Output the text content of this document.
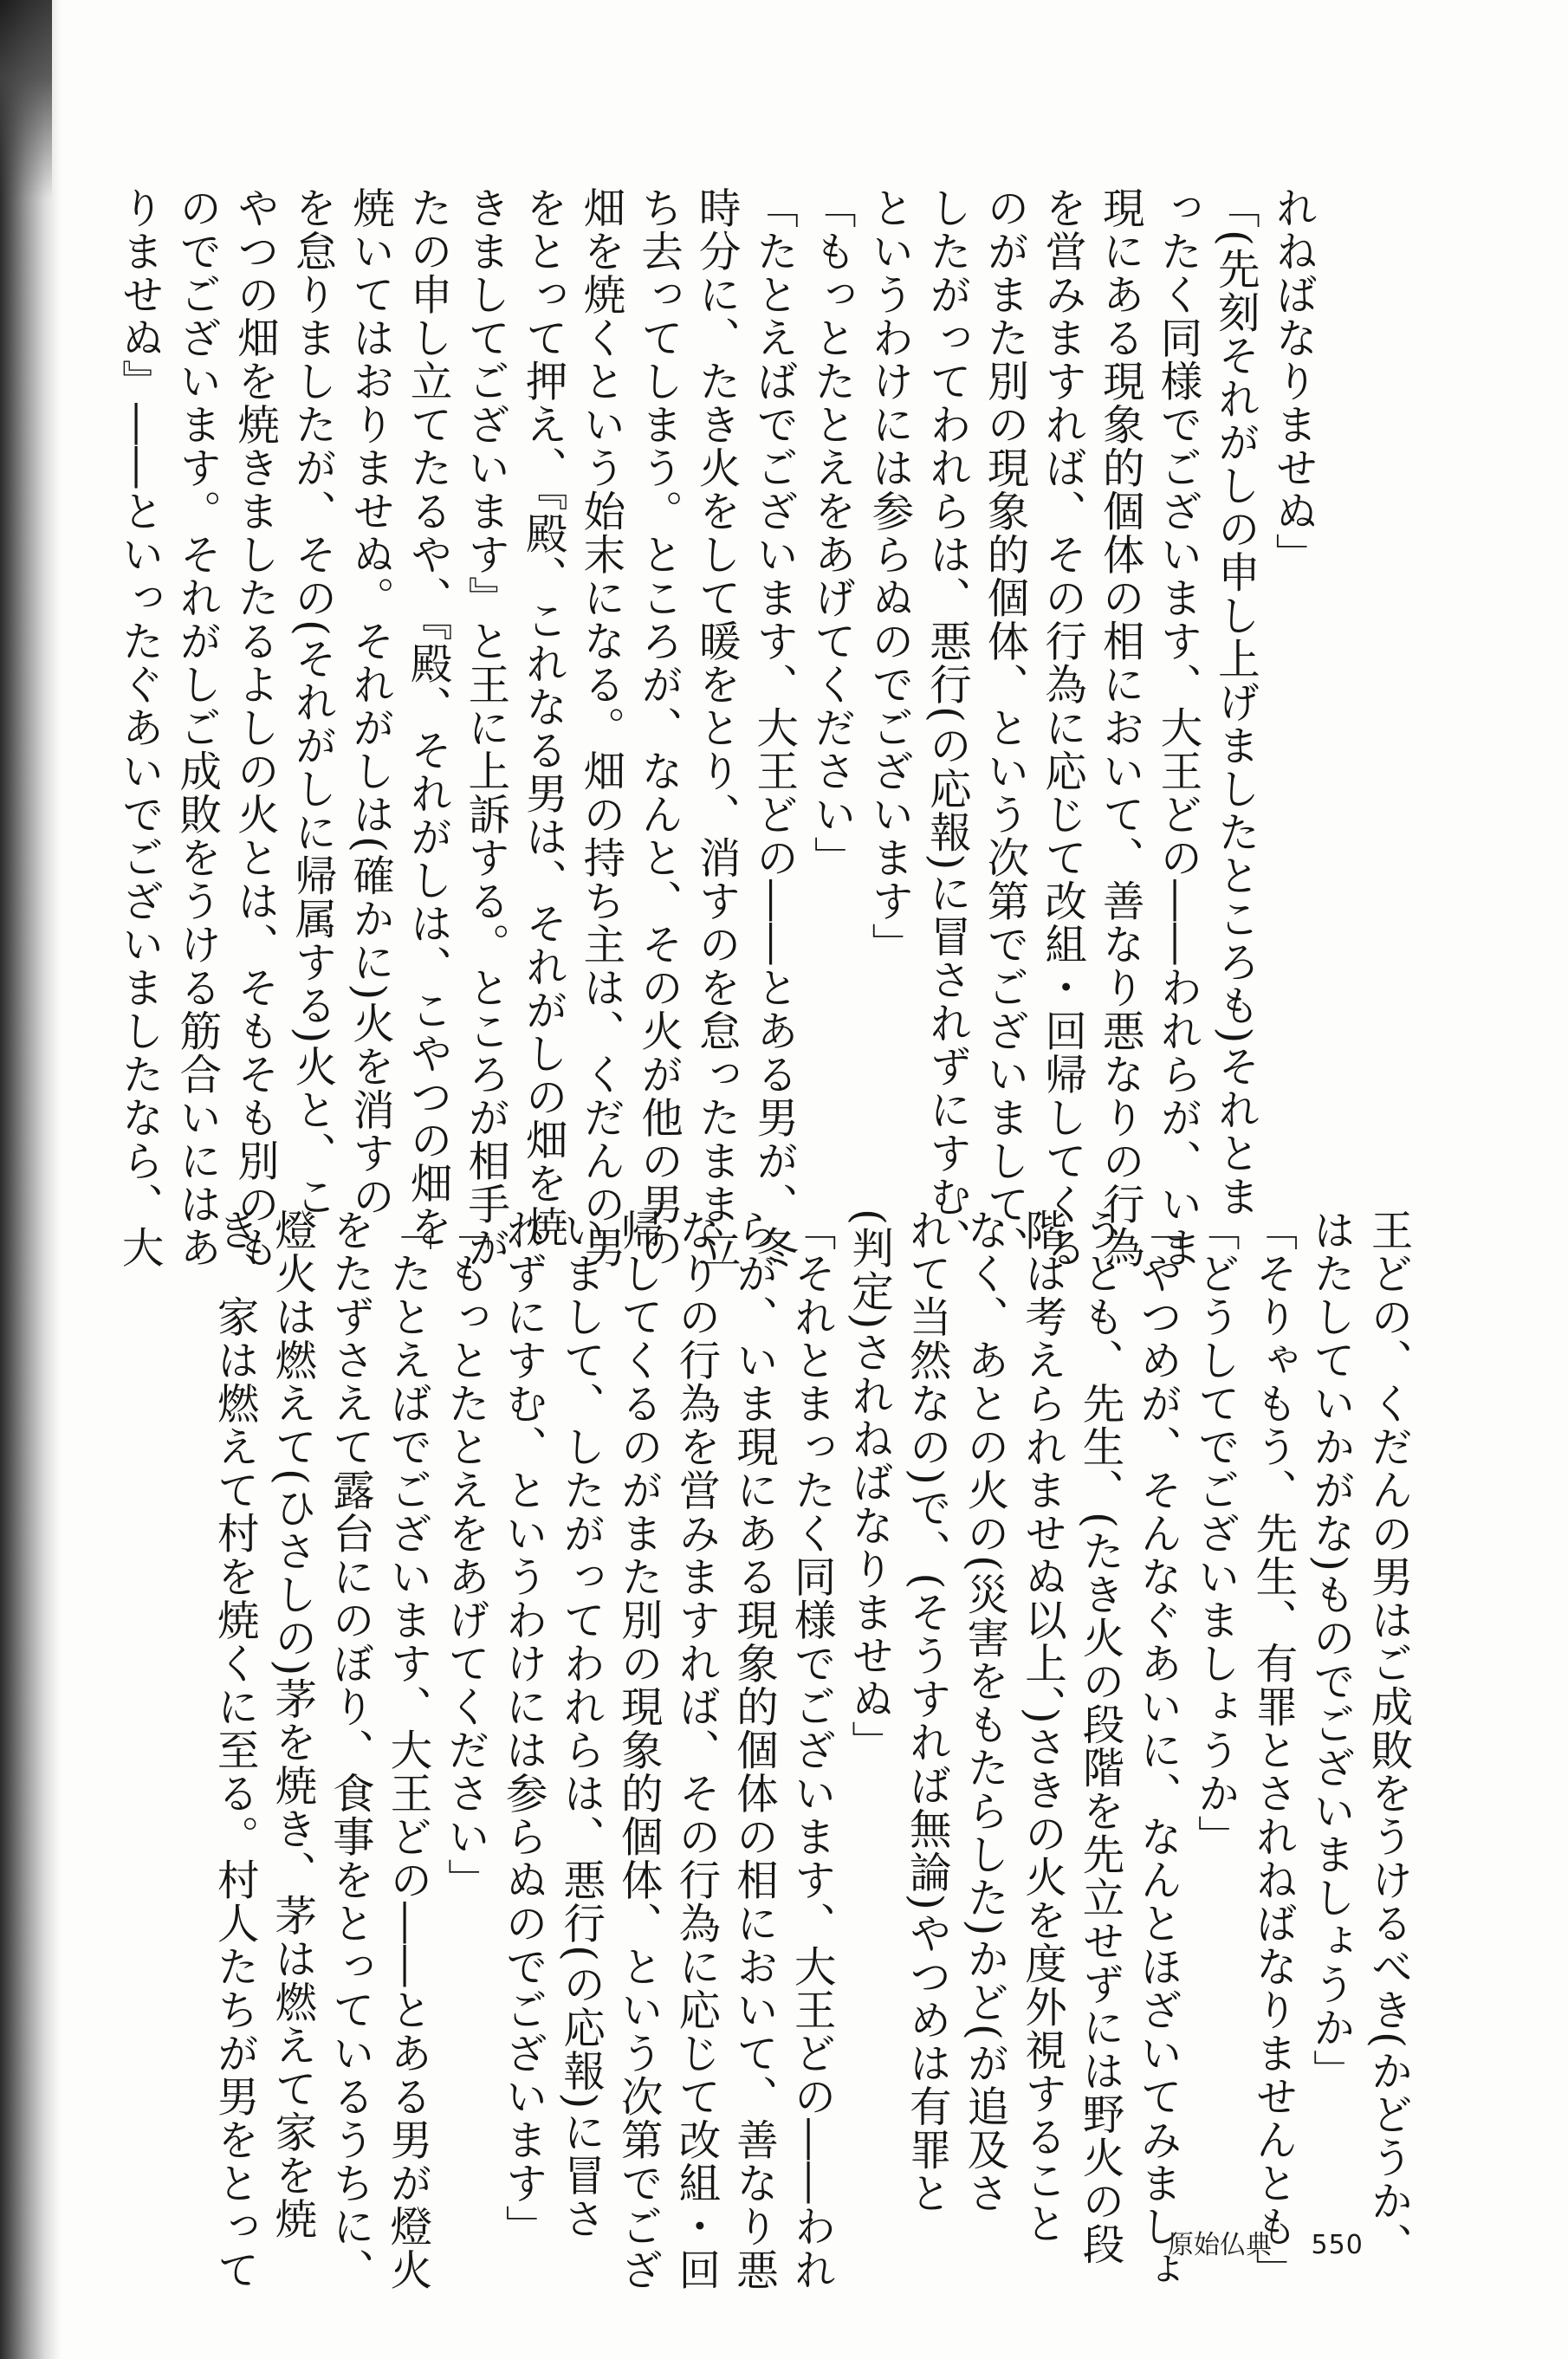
れねばなりませぬ」
「(先刻それがしの申し上げましたところも)それとま
ったく同様でございます、大王どの――われらが、いま
現にある現象的個体の相において、善なり悪なりの行為
を営みますれば、その行為に応じて改組・回帰してくる
のがまた別の現象的個体、という次第でございまして、
したがってわれらは、悪行(の応報)に冒されずにすむ、
というわけには参らぬのでございます」
「もっとたとえをあげてください」
「たとえばでございます、大王どの――とある男が、冬
時分に、たき火をして暖をとり、消すのを怠ったまま立
ち去ってしまう。ところが、なんと、その火が他の男の
畑を焼くという始末になる。畑の持ち主は、くだんの男
をとって押え、『殿、これなる男は、それがしの畑を焼
きましてございます』と王に上訴する。ところが相手が
たの申し立てたるや、『殿、それがしは、こやつの畑を
焼いてはおりませぬ。それがしは(確かに)火を消すの
を怠りましたが、その(それがしに帰属する)火と、こ
やつの畑を焼きましたるよしの火とは、そもそも別のも
のでございます。それがしご成敗をうける筋合いにはあ
りませぬ』――といったぐあいでございましたなら、大
王どの、くだんの男はご成敗をうけるべき(かどうか、
はたしていかがな)ものでございましょうか」
「そりゃもう、先生、有罪とされねばなりませんとも」
「どうしてでございましょうか」
「やつめが、そんなぐあいに、なんとほざいてみましょ
うとも、先生、(たき火の段階を先立せずには野火の段
階は考えられませぬ以上、)さきの火を度外視すること
なく、あとの火の(災害をもたらした)かど(が追及さ
れて当然なの)で、(そうすれば無論)やつめは有罪と
(判定)されねばなりませぬ」
「それとまったく同様でございます、大王どの――われ
らが、いま現にある現象的個体の相において、善なり悪
なりの行為を営みますれば、その行為に応じて改組・回
帰してくるのがまた別の現象的個体、という次第でござ
いまして、したがってわれらは、悪行(の応報)に冒さ
れずにすむ、というわけには参らぬのでございます」
「もっとたとえをあげてください」
「たとえばでございます、大王どの――とある男が燈火
をたずさえて露台にのぼり、食事をとっているうちに、
燈火は燃えて(ひさしの)茅を焼き、茅は燃えて家を焼
き、家は燃えて村を焼くに至る。村人たちが男をとって	原始仏典 550
